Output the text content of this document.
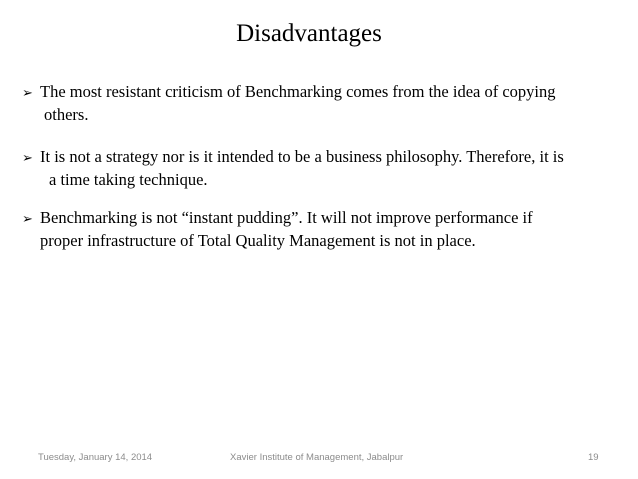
Disadvantages
➢ The most resistant criticism of Benchmarking comes from the idea of copying
others.
➢ It is not a strategy nor is it intended to be a business philosophy. Therefore, it is
a time taking technique.
➢ Benchmarking is not “instant pudding”. It will not improve performance if
proper infrastructure of Total Quality Management is not in place.
Tuesday, January 14, 2014	Xavier Institute of Management, Jabalpur	19
